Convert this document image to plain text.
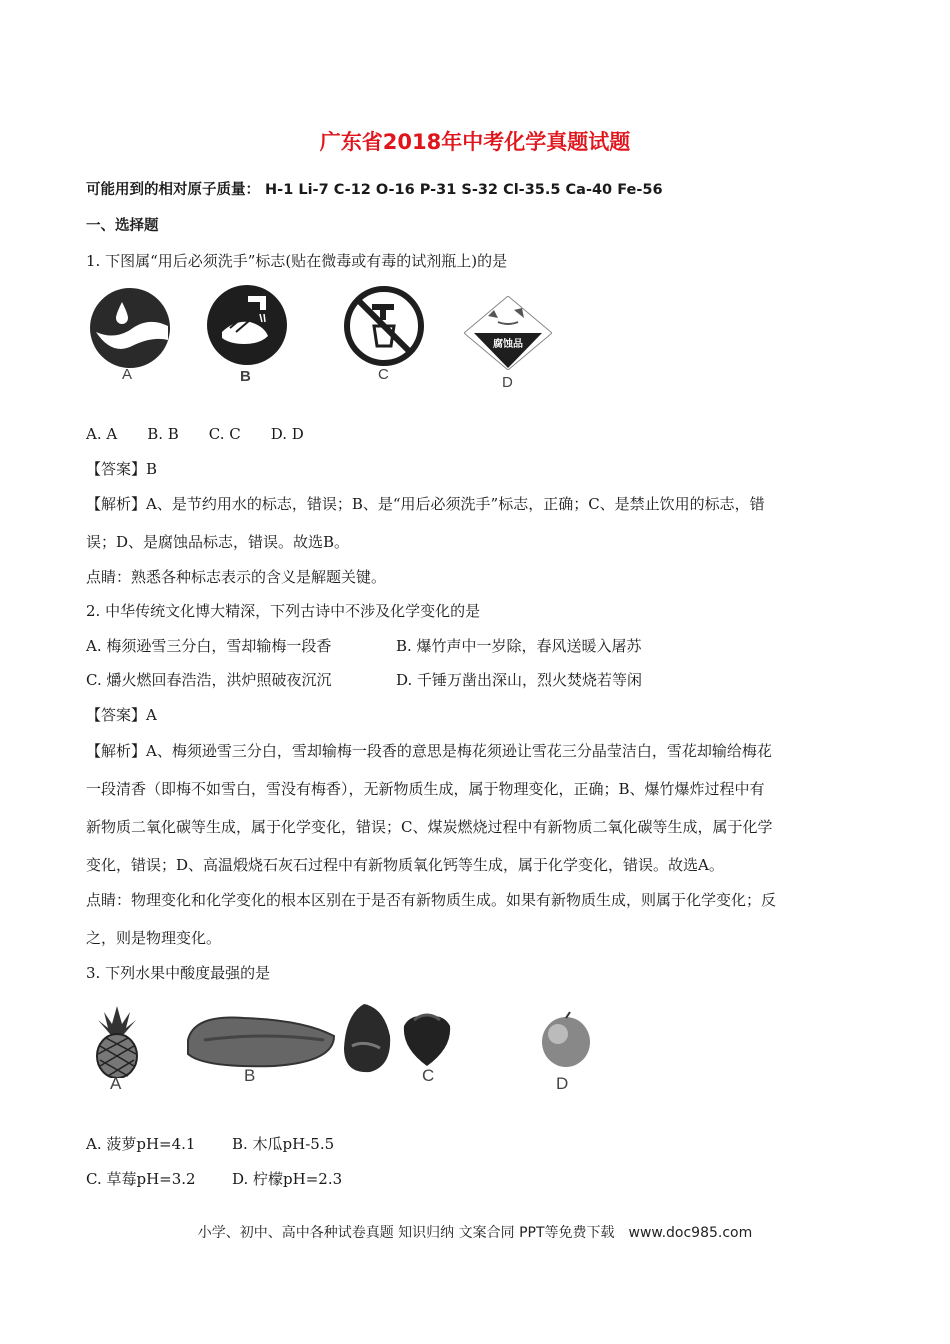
广东省2018年中考化学真题试题
可能用到的相对原子质量： H-1 Li-7 C-12 O-16 P-31 S-32 Cl-35.5 Ca-40 Fe-56
一、选择题
1. 下图属“用后必须洗手”标志(贴在微毒或有毒的试剂瓶上)的是
腐蚀品
A	B	C	D
A. A　　B. B　　C. C　　D. D
【答案】B
【解析】A、是节约用水的标志，错误；B、是“用后必须洗手”标志，正确；C、是禁止饮用的标志，错
误；D、是腐蚀品标志，错误。故选B。
点睛：熟悉各种标志表示的含义是解题关键。
2. 中华传统文化博大精深，下列古诗中不涉及化学变化的是
A. 梅须逊雪三分白，雪却输梅一段香	B. 爆竹声中一岁除，春风送暖入屠苏
C. 爝火燃回春浩浩，洪炉照破夜沉沉	D. 千锤万凿出深山，烈火焚烧若等闲
【答案】A
【解析】A、梅须逊雪三分白，雪却输梅一段香的意思是梅花须逊让雪花三分晶莹洁白，雪花却输给梅花
一段清香（即梅不如雪白，雪没有梅香），无新物质生成，属于物理变化，正确；B、爆竹爆炸过程中有
新物质二氧化碳等生成，属于化学变化，错误；C、煤炭燃烧过程中有新物质二氧化碳等生成，属于化学
变化，错误；D、高温煅烧石灰石过程中有新物质氧化钙等生成，属于化学变化，错误。故选A。
点睛：物理变化和化学变化的根本区别在于是否有新物质生成。如果有新物质生成，则属于化学变化；反
之，则是物理变化。
3. 下列水果中酸度最强的是
A	B	C	D
A. 菠萝pH=4.1 B. 木瓜pH-5.5
C. 草莓pH=3.2 D. 柠檬pH=2.3
小学、初中、高中各种试卷真题 知识归纳 文案合同 PPT等免费下载　www.doc985.com
